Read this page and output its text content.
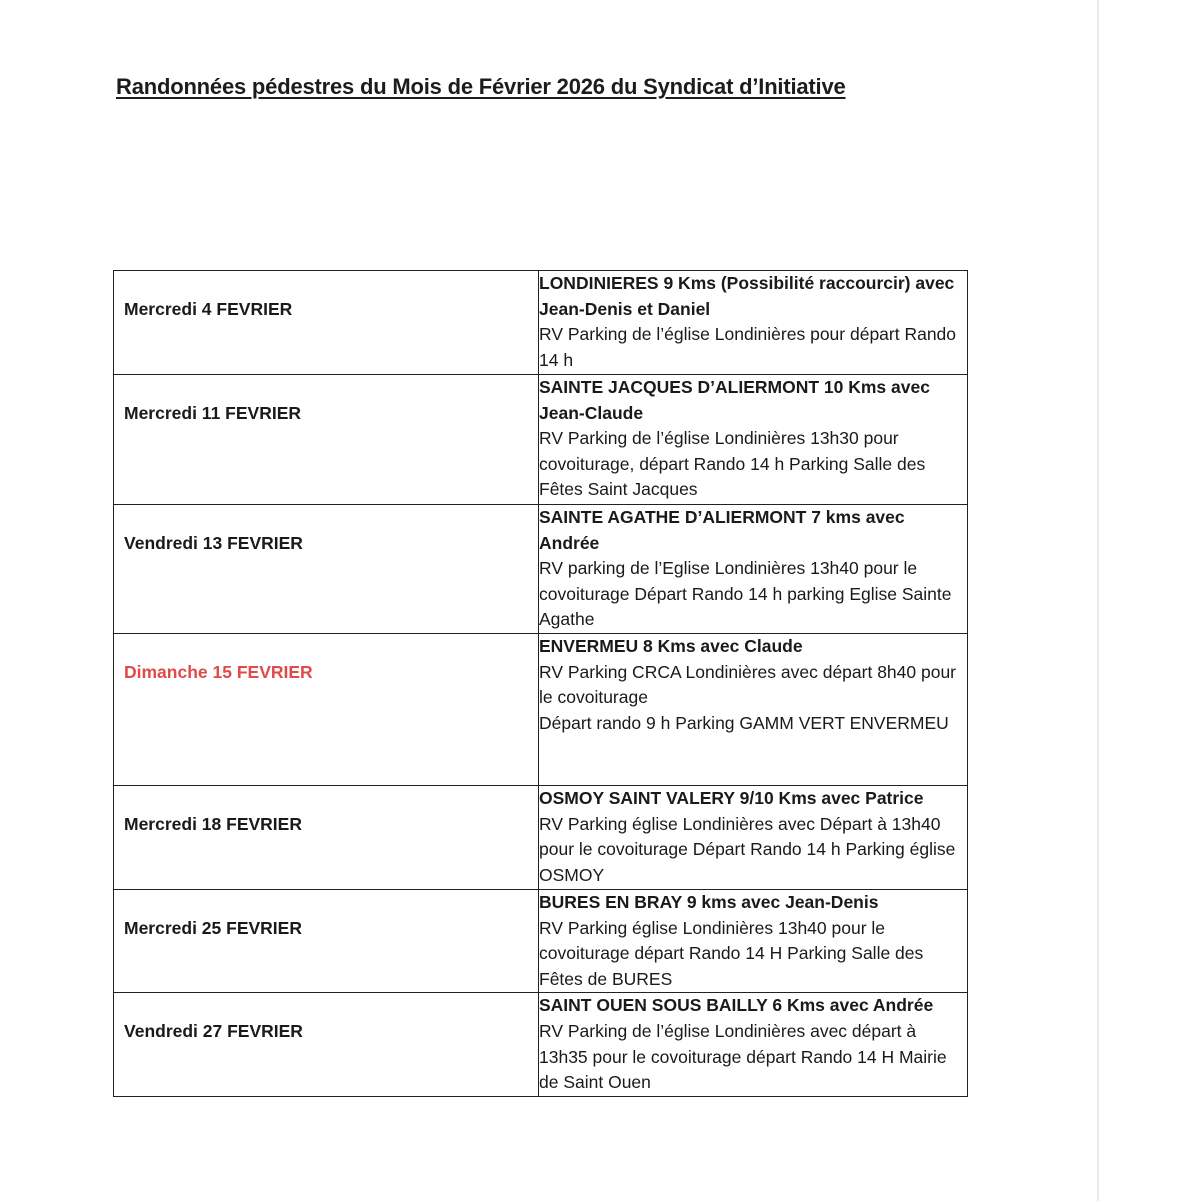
Randonnées pédestres du Mois de Février 2026 du Syndicat d’Initiative
Mercredi 4 FEVRIER	LONDINIERES 9 Kms (Possibilité raccourcir) avec Jean-Denis et Daniel
RV Parking de l’église Londinières pour départ Rando 14 h

Mercredi 11 FEVRIER	SAINTE JACQUES D’ALIERMONT 10 Kms avec Jean-Claude
RV Parking de l’église Londinières 13h30 pour covoiturage, départ Rando 14 h Parking Salle des Fêtes Saint Jacques

Vendredi 13 FEVRIER	SAINTE AGATHE D’ALIERMONT 7 kms avec Andrée
RV parking de l’Eglise Londinières 13h40 pour le covoiturage Départ Rando 14 h parking Eglise Sainte Agathe

Dimanche 15 FEVRIER	ENVERMEU 8 Kms avec Claude
RV Parking CRCA Londinières avec départ 8h40 pour le covoiturage
Départ rando 9 h Parking GAMM VERT ENVERMEU

Mercredi 18 FEVRIER	OSMOY SAINT VALERY 9/10 Kms avec Patrice
RV Parking église Londinières avec Départ à 13h40 pour le covoiturage Départ Rando 14 h Parking église OSMOY

Mercredi 25 FEVRIER	BURES EN BRAY 9 kms avec Jean-Denis
RV Parking église Londinières 13h40 pour le covoiturage départ Rando 14 H Parking Salle des Fêtes de BURES

Vendredi 27 FEVRIER	SAINT OUEN SOUS BAILLY 6 Kms avec Andrée
RV Parking de l’église Londinières avec départ à 13h35 pour le covoiturage départ Rando 14 H Mairie de Saint Ouen
